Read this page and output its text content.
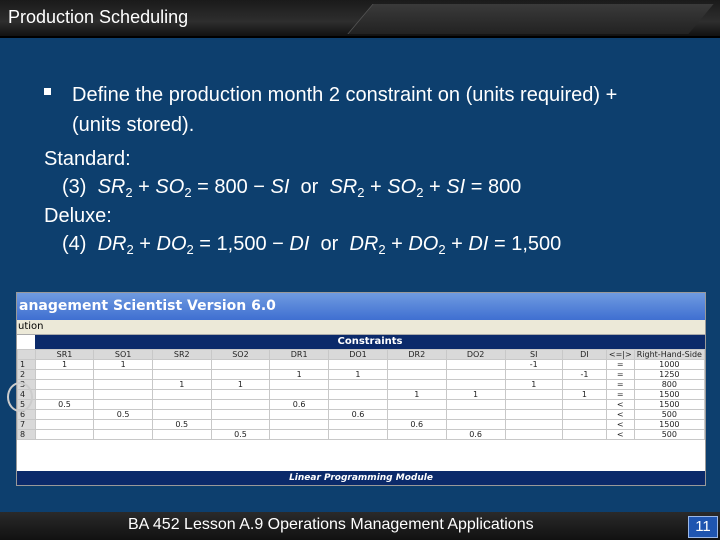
Production Scheduling
Define the production month 2 constraint on (units required) + (units stored).
Standard:
(3) $SR_2 + SO_2 = 800$ − SI or $SR_2 + SO_2$ + SI = 800
Deluxe:
(4) $DR_2 + DO_2 = 1,500$ − DI or $DR_2 + DO_2$ + DI = 1,500
anagement Scientist Version 6.0
ution
Constraints
	SR1	SO1	SR2	SO2	DR1	DO1	DR2	DO2	SI	DI	<=|>	Right-Hand-Side
1	1	1							-1		=	1000
2					1	1				-1	=	1250
3			1	1					1		=	800
4							1	1		1	=	1500
5	0.5				0.6						<	1500
6		0.5				0.6					<	500
7			0.5				0.6				<	1500
8				0.5				0.6			<	500
Linear Programming Module
BA 452 Lesson A.9 Operations Management Applications	11
